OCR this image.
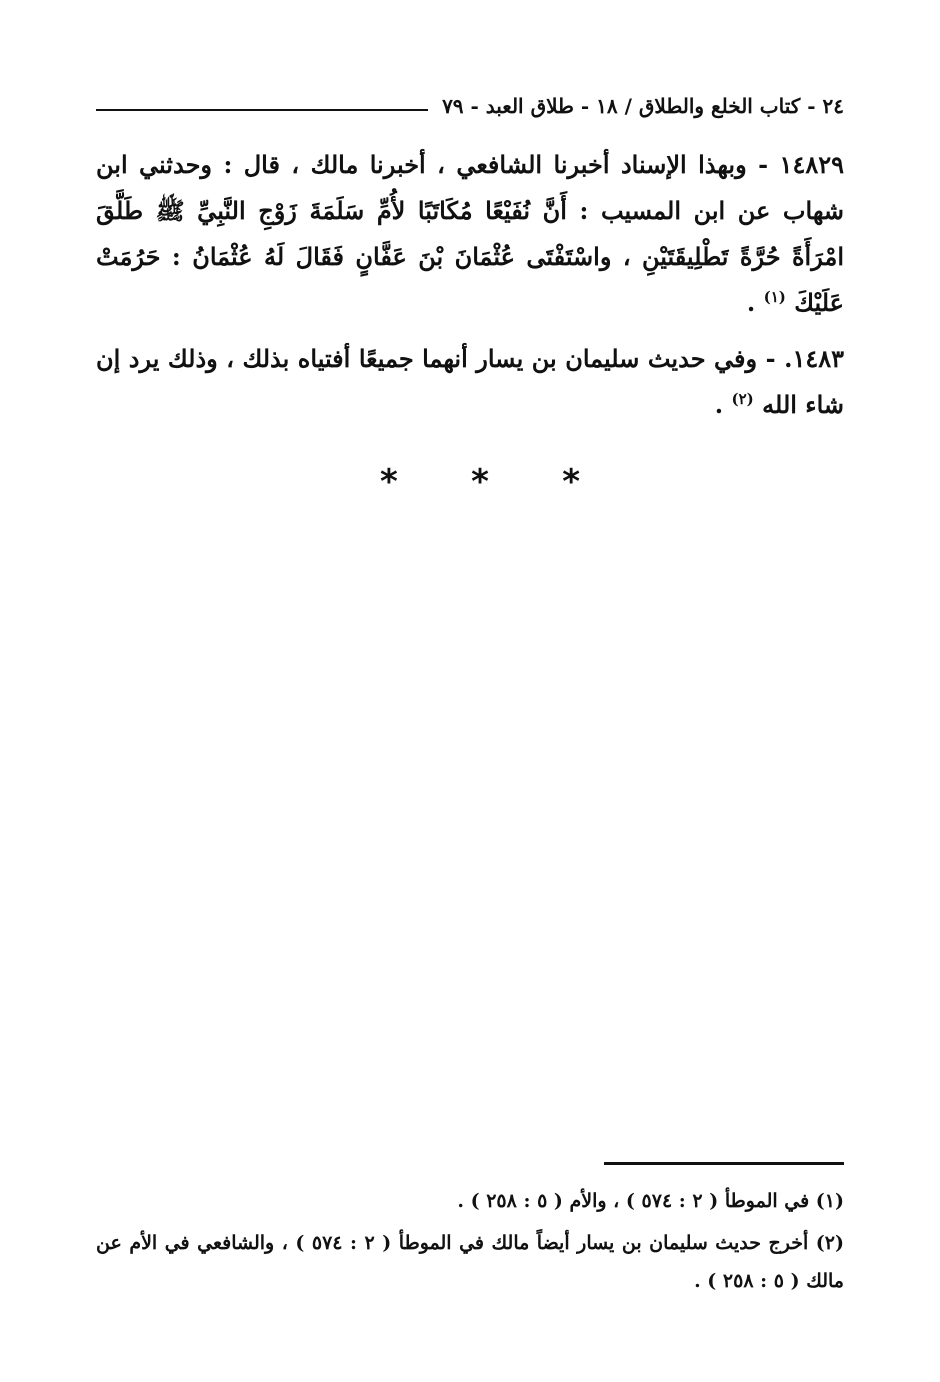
٢٤ - كتاب الخلع والطلاق / ١٨ - طلاق العبد - ٧٩

١٤٨٢٩ - وبهذا الإسناد أخبرنا الشافعي ، أخبرنا مالك ، قال : وحدثني ابن شهاب عن ابن المسيب : أَنَّ نُفَيْعًا مُكَاتَبًا لأُمِّ سَلَمَةَ زَوْجِ النَّبِيِّ ﷺ طَلَّقَ امْرَأَةً حُرَّةً تَطْلِيقَتَيْنِ ، واسْتَفْتَى عُثْمَانَ بْنَ عَفَّانٍ فَقَالَ لَهُ عُثْمَانُ : حَرُمَتْ عَلَيْكَ $^{(١)}$ .

١٤٨٣. - وفي حديث سليمان بن يسار أنهما جميعًا أفتياه بذلك ، وذلك يرد إن شاء الله $^{(٢)}$ .

* * *

(١) في الموطأ ( ٢ : ٥٧٤ ) ، والأم ( ٥ : ٢٥٨ ) .

(٢) أخرج حديث سليمان بن يسار أيضاً مالك في الموطأ ( ٢ : ٥٧٤ ) ، والشافعي في الأم عن مالك ( ٥ : ٢٥٨ ) .
